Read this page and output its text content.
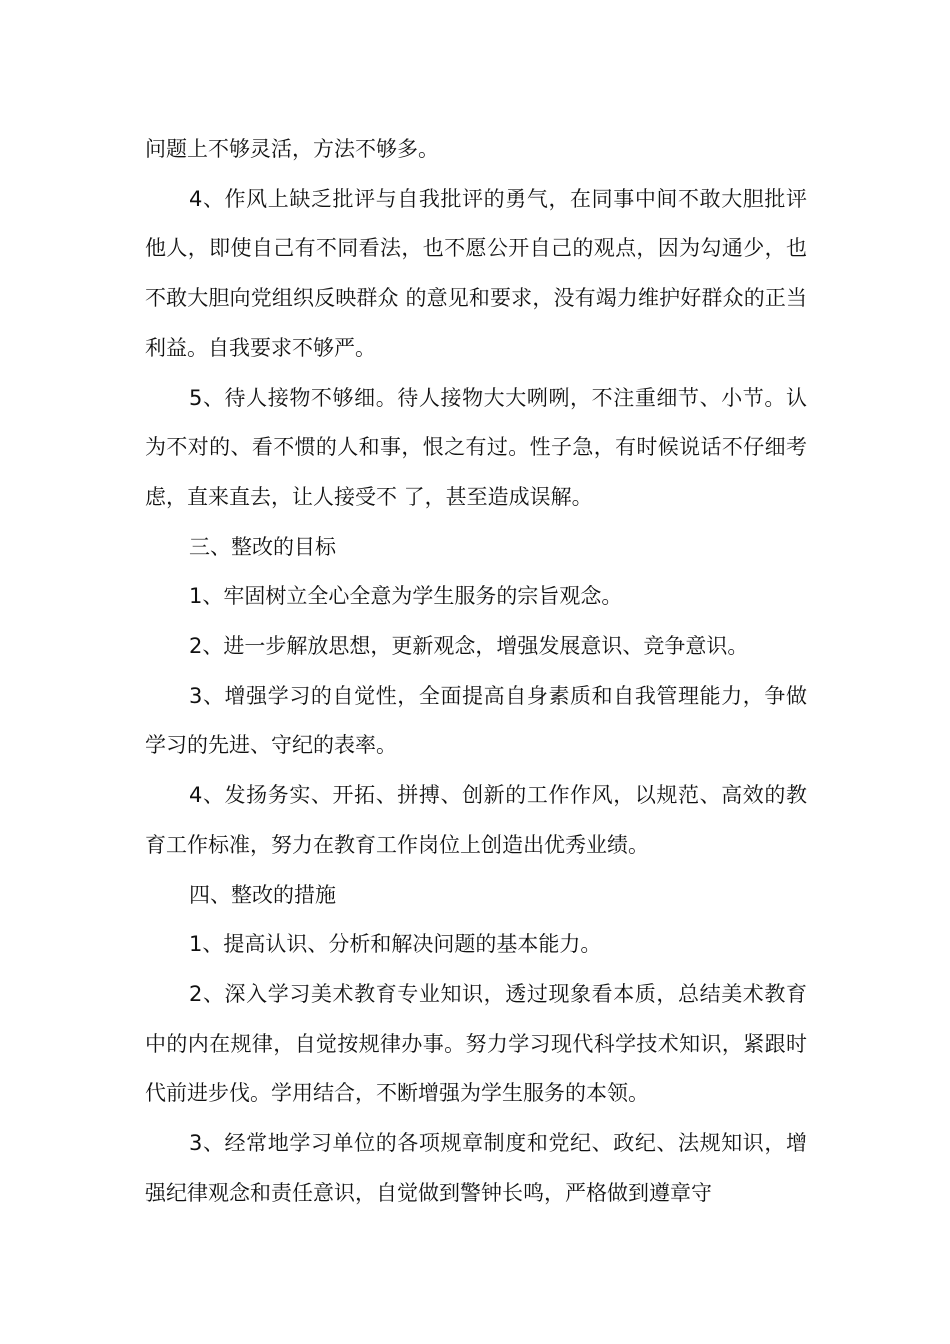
问题上不够灵活，方法不够多。

4、作风上缺乏批评与自我批评的勇气，在同事中间不敢大胆批评他人，即使自己有不同看法，也不愿公开自己的观点，因为勾通少，也不敢大胆向党组织反映群众 的意见和要求，没有竭力维护好群众的正当利益。自我要求不够严。

5、待人接物不够细。待人接物大大咧咧，不注重细节、小节。认为不对的、看不惯的人和事，恨之有过。性子急，有时候说话不仔细考虑，直来直去，让人接受不 了，甚至造成误解。

三、整改的目标

1、牢固树立全心全意为学生服务的宗旨观念。

2、进一步解放思想，更新观念，增强发展意识、竞争意识。

3、增强学习的自觉性，全面提高自身素质和自我管理能力，争做学习的先进、守纪的表率。

4、发扬务实、开拓、拼搏、创新的工作作风，以规范、高效的教育工作标准，努力在教育工作岗位上创造出优秀业绩。

四、整改的措施

1、提高认识、分析和解决问题的基本能力。

2、深入学习美术教育专业知识，透过现象看本质，总结美术教育中的内在规律，自觉按规律办事。努力学习现代科学技术知识，紧跟时代前进步伐。学用结合，不断增强为学生服务的本领。

3、经常地学习单位的各项规章制度和党纪、政纪、法规知识，增强纪律观念和责任意识，自觉做到警钟长鸣，严格做到遵章守
